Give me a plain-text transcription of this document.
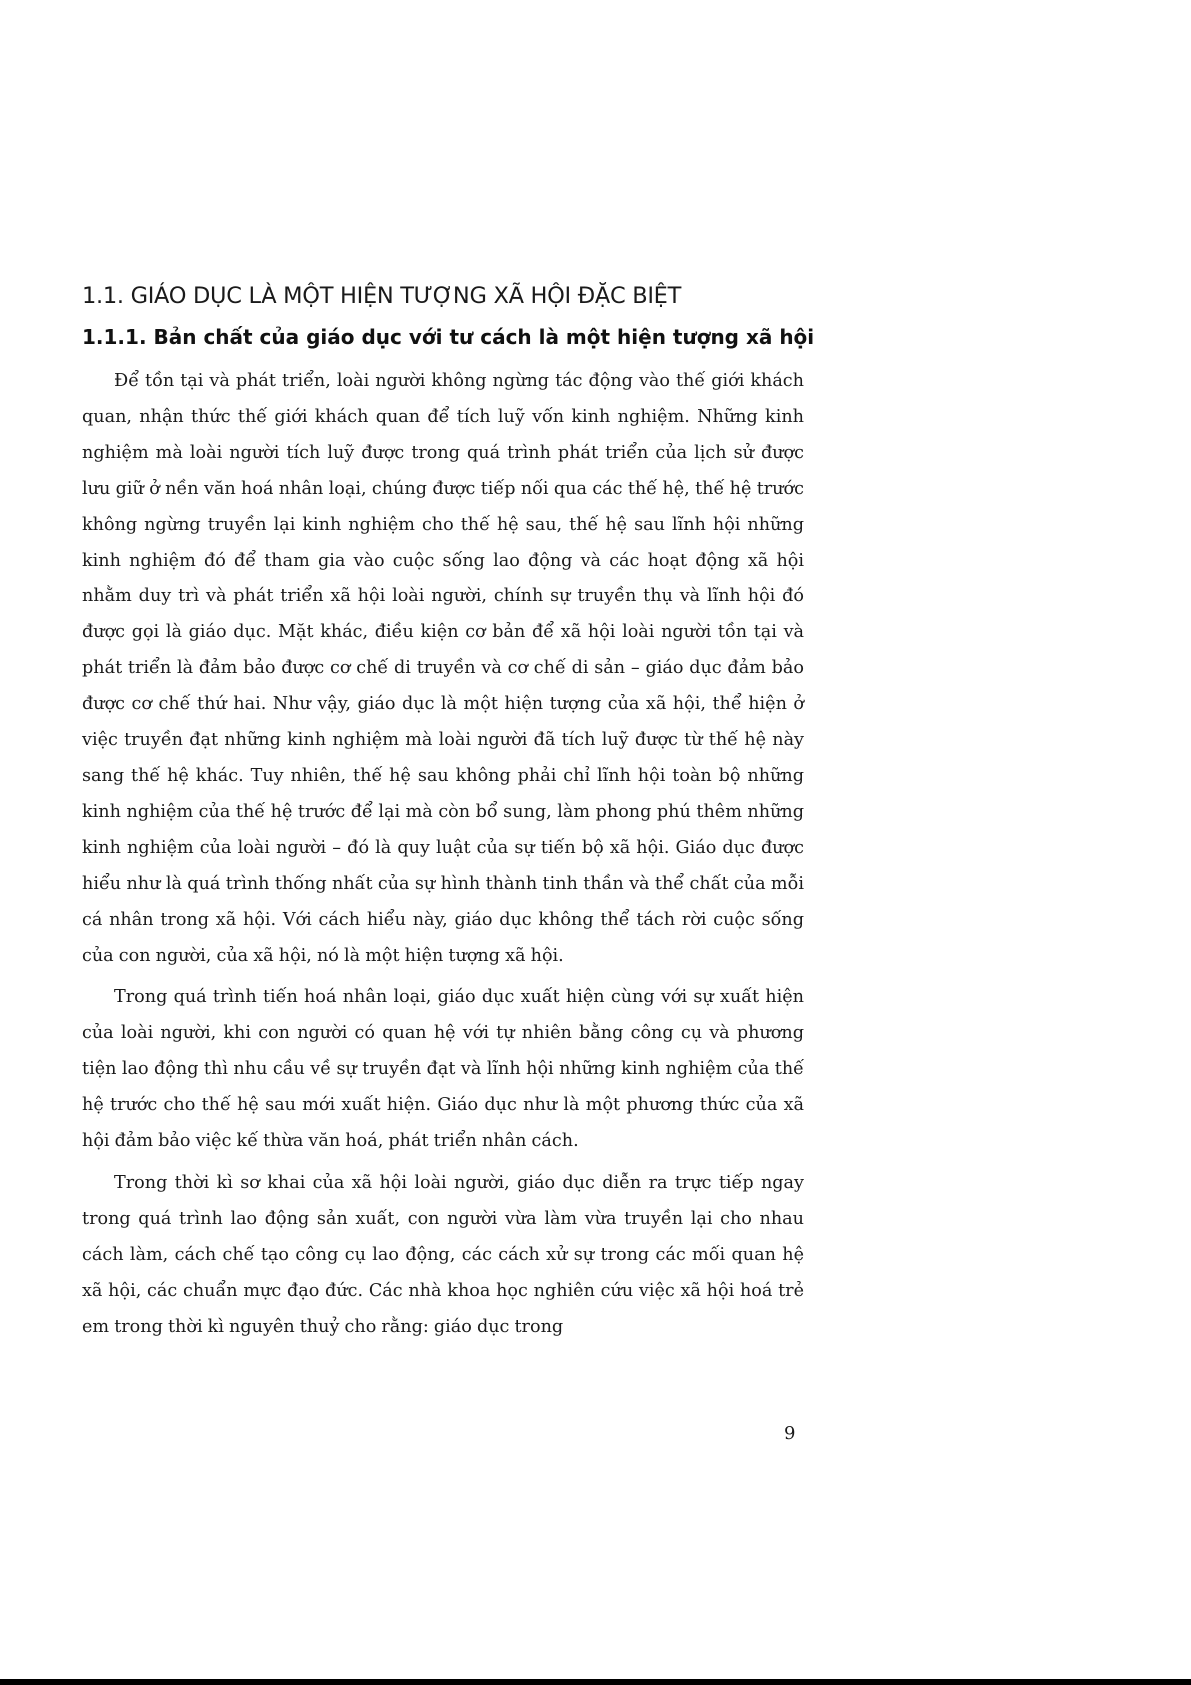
1.1. GIÁO DỤC LÀ MỘT HIỆN TƯỢNG XÃ HỘI ĐẶC BIỆT
1.1.1. Bản chất của giáo dục với tư cách là một hiện tượng xã hội

Để tồn tại và phát triển, loài người không ngừng tác động vào thế giới khách quan, nhận thức thế giới khách quan để tích luỹ vốn kinh nghiệm. Những kinh nghiệm mà loài người tích luỹ được trong quá trình phát triển của lịch sử được lưu giữ ở nền văn hoá nhân loại, chúng được tiếp nối qua các thế hệ, thế hệ trước không ngừng truyền lại kinh nghiệm cho thế hệ sau, thế hệ sau lĩnh hội những kinh nghiệm đó để tham gia vào cuộc sống lao động và các hoạt động xã hội nhằm duy trì và phát triển xã hội loài người, chính sự truyền thụ và lĩnh hội đó được gọi là giáo dục. Mặt khác, điều kiện cơ bản để xã hội loài người tồn tại và phát triển là đảm bảo được cơ chế di truyền và cơ chế di sản – giáo dục đảm bảo được cơ chế thứ hai. Như vậy, giáo dục là một hiện tượng của xã hội, thể hiện ở việc truyền đạt những kinh nghiệm mà loài người đã tích luỹ được từ thế hệ này sang thế hệ khác. Tuy nhiên, thế hệ sau không phải chỉ lĩnh hội toàn bộ những kinh nghiệm của thế hệ trước để lại mà còn bổ sung, làm phong phú thêm những kinh nghiệm của loài người – đó là quy luật của sự tiến bộ xã hội. Giáo dục được hiểu như là quá trình thống nhất của sự hình thành tinh thần và thể chất của mỗi cá nhân trong xã hội. Với cách hiểu này, giáo dục không thể tách rời cuộc sống của con người, của xã hội, nó là một hiện tượng xã hội.

Trong quá trình tiến hoá nhân loại, giáo dục xuất hiện cùng với sự xuất hiện của loài người, khi con người có quan hệ với tự nhiên bằng công cụ và phương tiện lao động thì nhu cầu về sự truyền đạt và lĩnh hội những kinh nghiệm của thế hệ trước cho thế hệ sau mới xuất hiện. Giáo dục như là một phương thức của xã hội đảm bảo việc kế thừa văn hoá, phát triển nhân cách.

Trong thời kì sơ khai của xã hội loài người, giáo dục diễn ra trực tiếp ngay trong quá trình lao động sản xuất, con người vừa làm vừa truyền lại cho nhau cách làm, cách chế tạo công cụ lao động, các cách xử sự trong các mối quan hệ xã hội, các chuẩn mực đạo đức. Các nhà khoa học nghiên cứu việc xã hội hoá trẻ em trong thời kì nguyên thuỷ cho rằng: giáo dục trong

9
